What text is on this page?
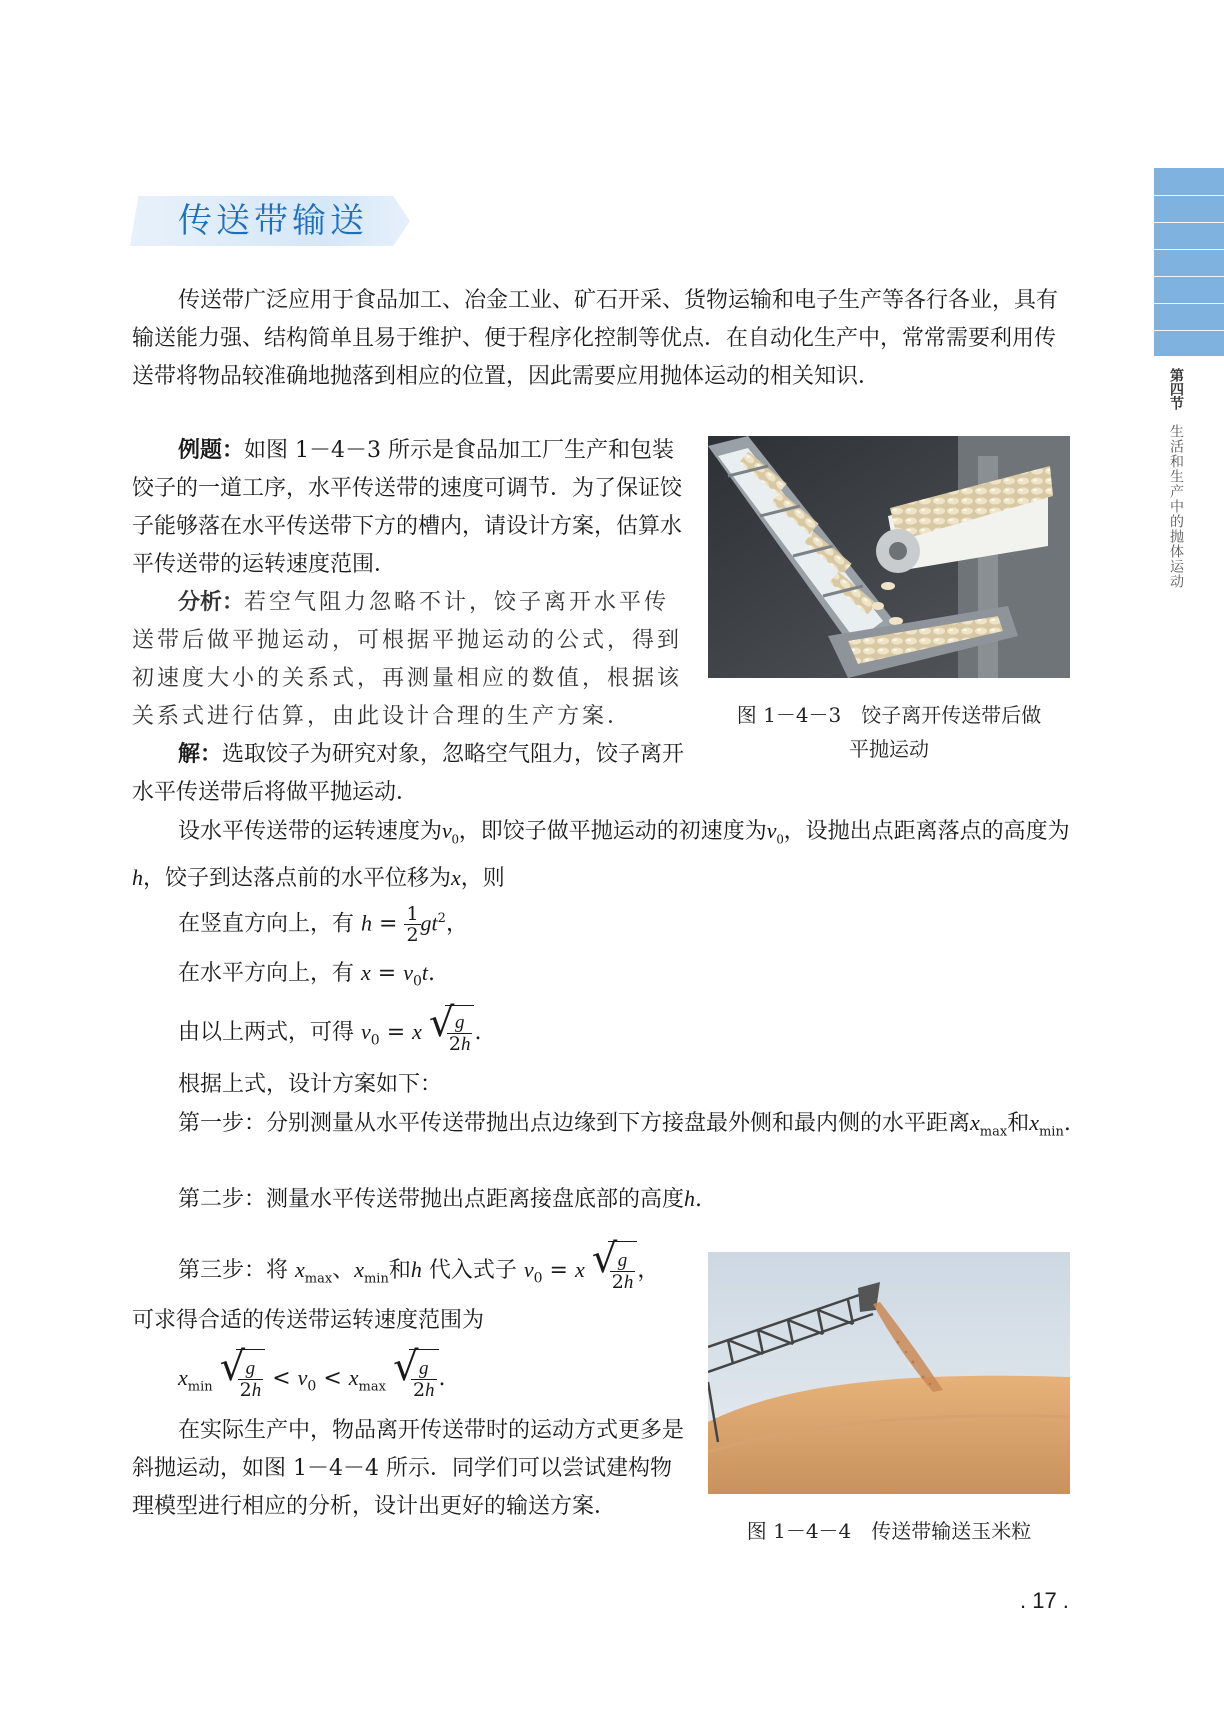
传送带输送
第四节
生活和生产中的抛体运动

传送带广泛应用于食品加工、冶金工业、矿石开采、货物运输和电子生产等各行各业，具有输送能力强、结构简单且易于维护、便于程序化控制等优点．在自动化生产中，常常需要利用传送带将物品较准确地抛落到相应的位置，因此需要应用抛体运动的相关知识．

例题：如图 1－4－3 所示是食品加工厂生产和包装饺子的一道工序，水平传送带的速度可调节．为了保证饺子能够落在水平传送带下方的槽内，请设计方案，估算水平传送带的运转速度范围．

分析：若空气阻力忽略不计，饺子离开水平传送带后做平抛运动，可根据平抛运动的公式，得到初速度大小的关系式，再测量相应的数值，根据该关系式进行估算，由此设计合理的生产方案．

解：选取饺子为研究对象，忽略空气阻力，饺子离开水平传送带后将做平抛运动．

图 1－4－3　饺子离开传送带后做
平抛运动

设水平传送带的运转速度为$v_0$，即饺子做平抛运动的初速度为$v_0$，设抛出点距离落点的高度为h，饺子到达落点前的水平位移为x，则

在竖直方向上，有 $h = \frac{1}{2} gt^2$，
在水平方向上，有 $x = v_0t$.
由以上两式，可得 $v_0 = x$ √
$\frac{g}{2h}$ .

根据上式，设计方案如下：

第一步：分别测量从水平传送带抛出点边缘到下方接盘最外侧和最内侧的水平距离$x_{max}$和$x_{min}$.

第二步：测量水平传送带抛出点距离接盘底部的高度h.

第三步：将 $x_{max}$、$x_{min}$和h 代入式子 $v_0 = x$ √
$\frac{g}{2h}$ ，

可求得合适的传送带运转速度范围为

$x_{min}$ √
$\frac{g}{2h} < v_0 < x_{max}$ √
$\frac{g}{2h}$ .

在实际生产中，物品离开传送带时的运动方式更多是斜抛运动，如图 1－4－4 所示．同学们可以尝试建构物理模型进行相应的分析，设计出更好的输送方案．

图 1－4－4　传送带输送玉米粒
. 17 .
